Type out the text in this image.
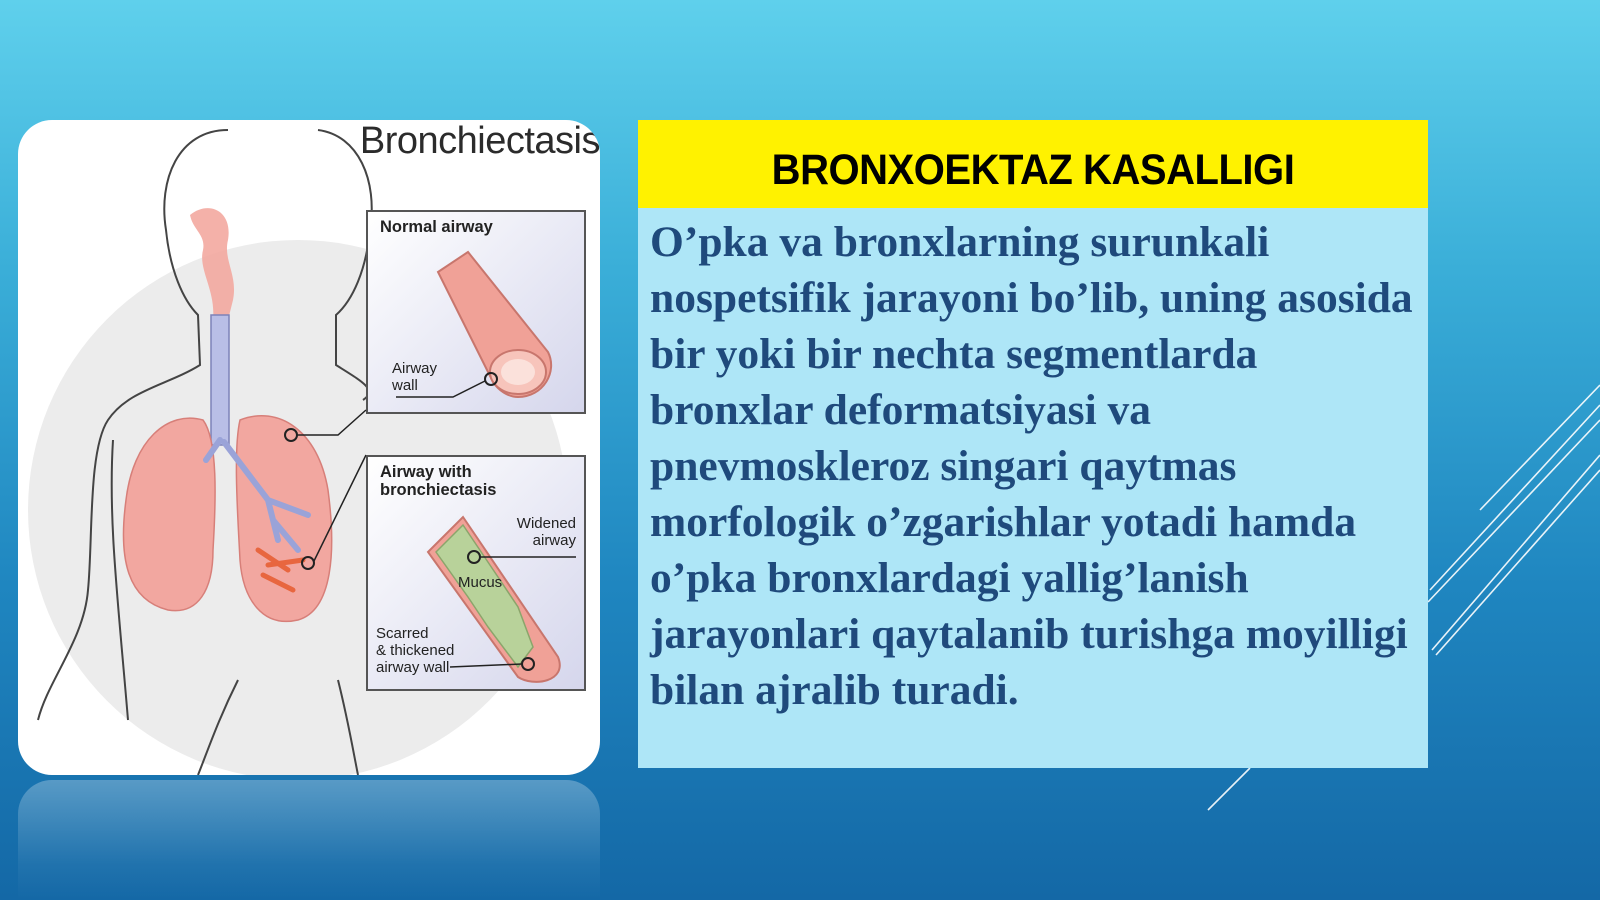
Bronchiectasis
Normal airway
Airway
wall
Airway with
bronchiectasis
Widened
airway
Mucus
Scarred
& thickened
airway wall
BRONXOEKTAZ KASALLIGI

O’pka va bronxlarning surunkali nospetsifik jarayoni bo’lib, uning asosida bir yoki bir nechta segmentlarda bronxlar deformatsiyasi va pnevmoskleroz singari qaytmas morfologik o’zgarishlar yotadi hamda o’pka bronxlardagi yallig’lanish jarayonlari qaytalanib turishga moyilligi bilan ajralib turadi.
